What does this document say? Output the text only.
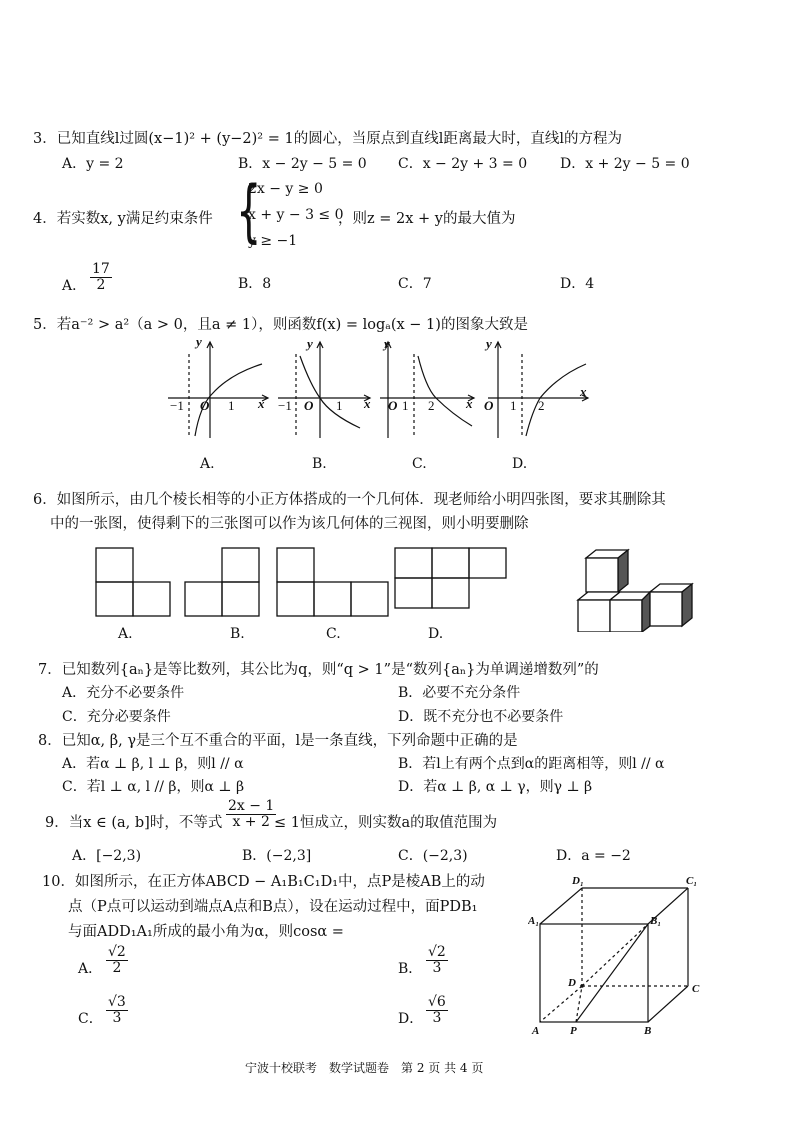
3．已知直线l过圆(x−1)² + (y−2)² = 1的圆心，当原点到直线l距离最大时，直线l的方程为
A．y = 2	B．x − 2y − 5 = 0 C．x − 2y + 3 = 0 D．x + 2y − 5 = 0
4．若实数x, y满足约束条件 {
2x − y ≥ 0
x + y − 3 ≤ 0
y ≥ −1
，则z = 2x + y的最大值为
A． $\frac{17}{2}$	B．8	C．7	D．4
5．若a⁻² > a²（a > 0，且a ≠ 1），则函数f(x) = logₐ(x − 1)的图象大致是
y
−1 O 1 x
y
−1 O 1 x
y
O 1 2 x
y
O 1 2
x
A.	B.	C.	D.
6．如图所示，由几个棱长相等的小正方体搭成的一个几何体．现老师给小明四张图，要求其删除其
中的一张图，使得剩下的三张图可以作为该几何体的三视图，则小明要删除
A.	B.	C.	D.
7．已知数列{aₙ}是等比数列，其公比为q，则“q > 1”是“数列{aₙ}为单调递增数列”的
A．充分不必要条件	B．必要不充分条件
C．充分必要条件	D．既不充分也不必要条件
8．已知α, β, γ是三个互不重合的平面，l是一条直线，下列命题中正确的是
A．若α ⊥ β, l ⊥ β，则l // α	B．若l上有两个点到α的距离相等，则l // α
C．若l ⊥ α, l // β，则α ⊥ β	D．若α ⊥ β, α ⊥ γ，则γ ⊥ β
9．当x ∈ (a, b]时，不等式 $\frac{2x - 1}{x + 2}$
≤ 1恒成立，则实数a的取值范围为
A．[−2,3)	B．(−2,3]	C．(−2,3)	D．a = −2
10．如图所示，在正方体ABCD − A₁B₁C₁D₁中，点P是棱AB上的动
点（P点可以运动到端点A点和B点），设在运动过程中，面PDB₁
与面ADD₁A₁所成的最小角为α，则cosα =
A． $\frac{√2}{2}$	B． $\frac{√2}{3}$
C． $\frac{√3}{3}$	D． $\frac{√6}{3}$
D₁	C₁
A₁	B₁
D	C
A	P	B
宁波十校联考　数学试题卷　第 2 页 共 4 页
